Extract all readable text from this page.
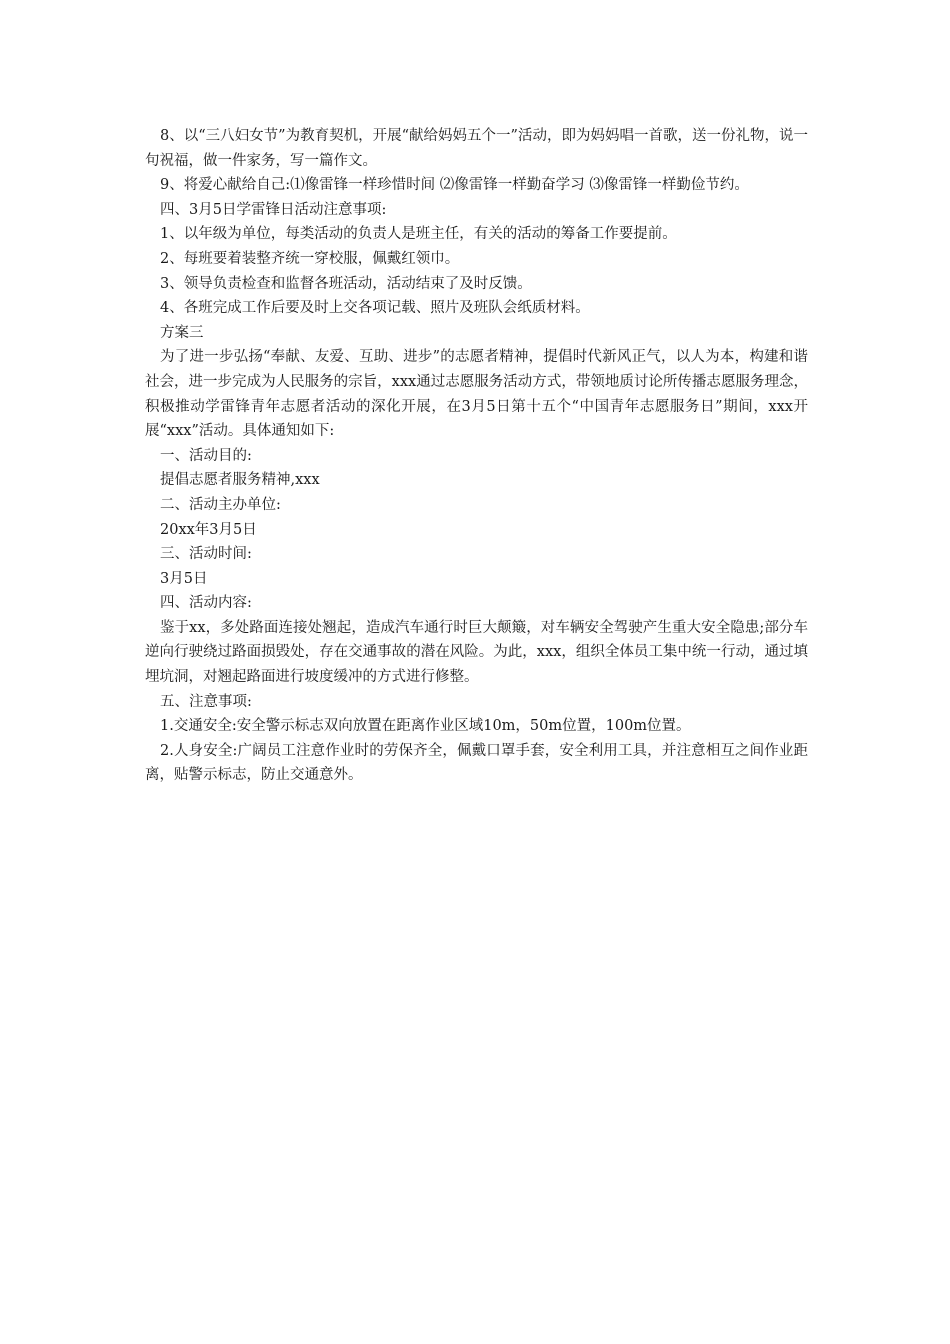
8、以“三八妇女节”为教育契机，开展“献给妈妈五个一”活动，即为妈妈唱一首歌，送一份礼物，说一句祝福，做一件家务，写一篇作文。

9、将爱心献给自己:⑴像雷锋一样珍惜时间 ⑵像雷锋一样勤奋学习 ⑶像雷锋一样勤俭节约。

四、3月5日学雷锋日活动注意事项:

1、以年级为单位，每类活动的负责人是班主任，有关的活动的筹备工作要提前。

2、每班要着装整齐统一穿校服，佩戴红领巾。

3、领导负责检查和监督各班活动，活动结束了及时反馈。

4、各班完成工作后要及时上交各项记载、照片及班队会纸质材料。

方案三

为了进一步弘扬“奉献、友爱、互助、进步”的志愿者精神，提倡时代新风正气，以人为本，构建和谐社会，进一步完成为人民服务的宗旨，xxx通过志愿服务活动方式，带领地质讨论所传播志愿服务理念，积极推动学雷锋青年志愿者活动的深化开展，在3月5日第十五个“中国青年志愿服务日”期间，xxx开展“xxx”活动。具体通知如下:

一、活动目的:

提倡志愿者服务精神,xxx

二、活动主办单位:

20xx年3月5日

三、活动时间:

3月5日

四、活动内容:

鉴于xx，多处路面连接处翘起，造成汽车通行时巨大颠簸，对车辆安全驾驶产生重大安全隐患;部分车逆向行驶绕过路面损毁处，存在交通事故的潜在风险。为此，xxx，组织全体员工集中统一行动，通过填埋坑洞，对翘起路面进行坡度缓冲的方式进行修整。

五、注意事项:

1.交通安全:安全警示标志双向放置在距离作业区域10m，50m位置，100m位置。

2.人身安全:广阔员工注意作业时的劳保齐全，佩戴口罩手套，安全利用工具，并注意相互之间作业距离，贴警示标志，防止交通意外。
